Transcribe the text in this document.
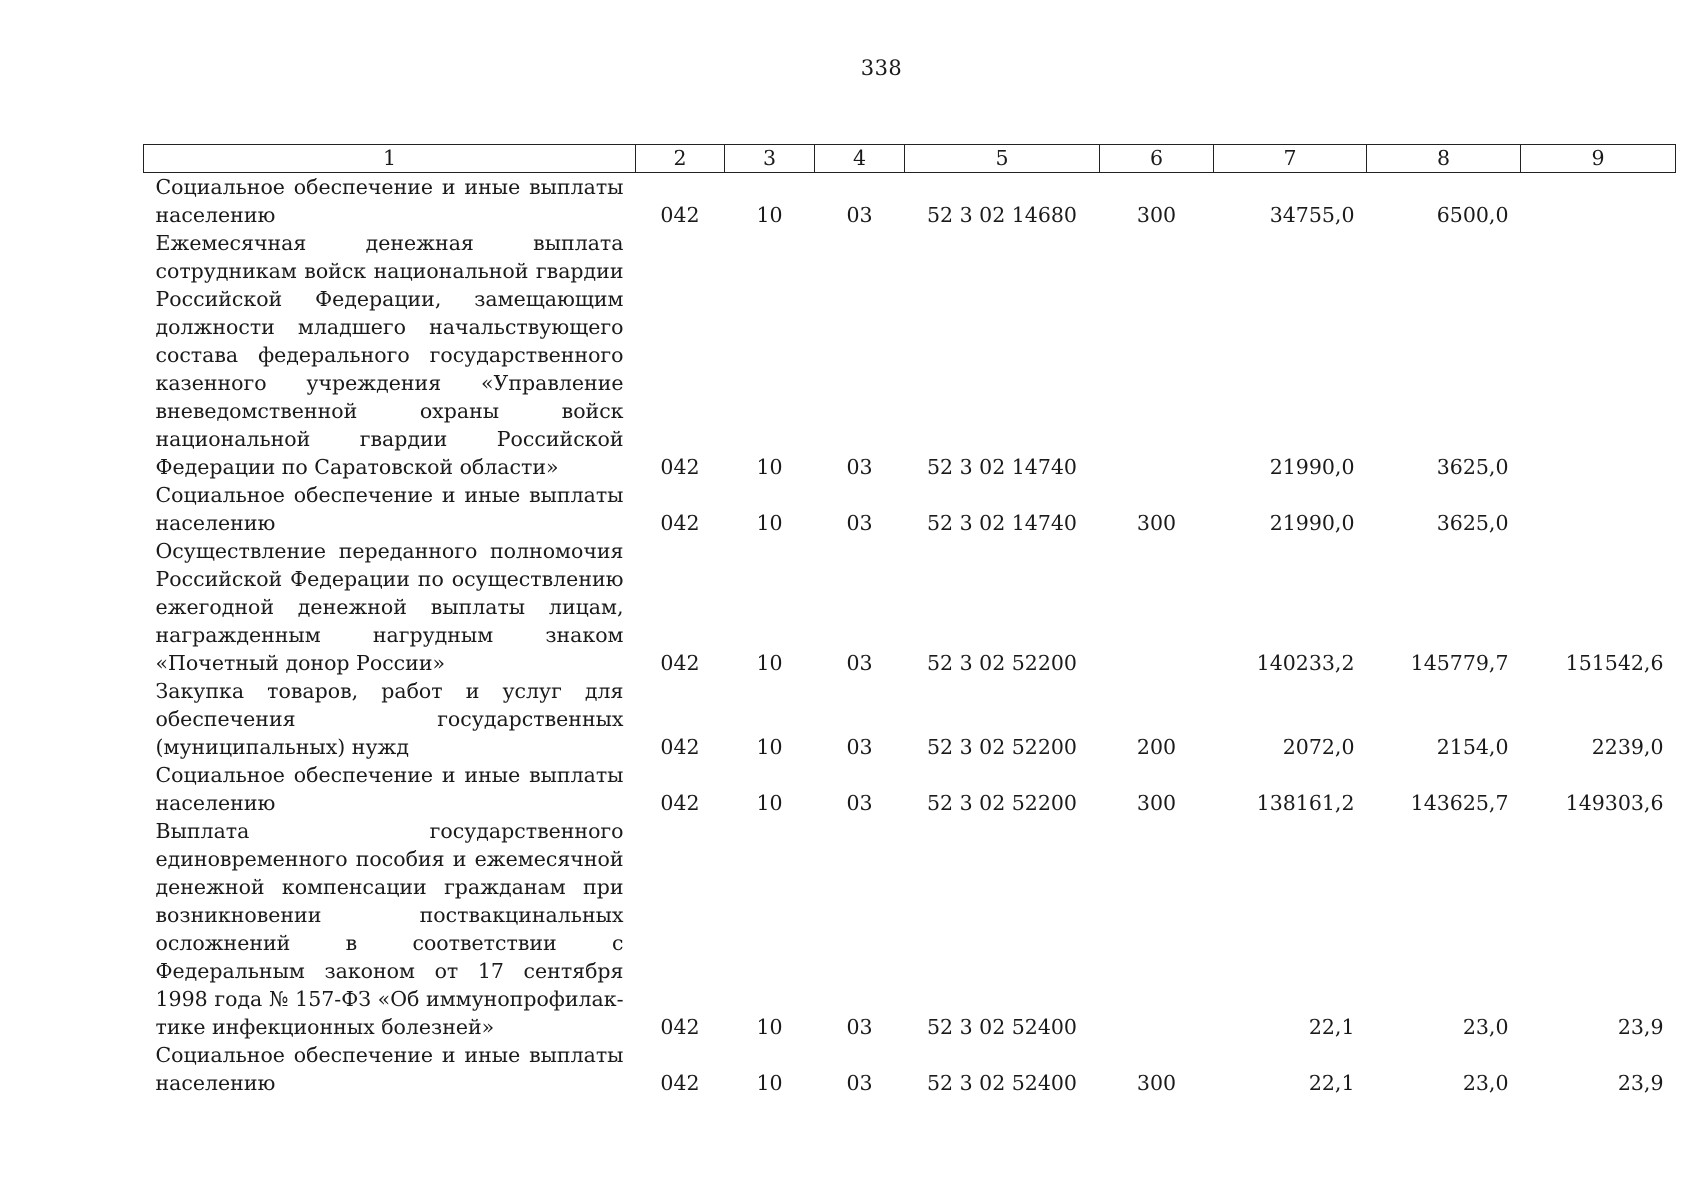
338
1	2	3	4	5	6	7	8	9
Социальное обеспечение и иные выплаты населению	042	10	03	52 3 02 14680	300	34755,0	6500,0	
Ежемесячная денежная выплата сотрудникам войск национальной гвардии Российской Федерации, замещающим должности младшего начальствующего состава федерального государственного казенного учреждения «Управление вневедомственной охраны войск национальной гвардии Российской Федерации по Саратовской области»	042	10	03	52 3 02 14740		21990,0	3625,0	
Социальное обеспечение и иные выплаты населению	042	10	03	52 3 02 14740	300	21990,0	3625,0	
Осуществление переданного полномочия Российской Федерации по осуществлению ежегодной денежной выплаты лицам, награжденным нагрудным знаком «Почетный донор России»	042	10	03	52 3 02 52200		140233,2	145779,7	151542,6
Закупка товаров, работ и услуг для обеспечения государственных (муниципальных) нужд	042	10	03	52 3 02 52200	200	2072,0	2154,0	2239,0
Социальное обеспечение и иные выплаты населению	042	10	03	52 3 02 52200	300	138161,2	143625,7	149303,6
Выплата государственного единовременного пособия и ежемесячной денежной компенсации гражданам при возникновении поствакцинальных осложнений в соответствии с Федеральным законом от 17 сентября 1998 года № 157-ФЗ «Об иммунопрофилактике инфекционных болезней»	042	10	03	52 3 02 52400		22,1	23,0	23,9
Социальное обеспечение и иные выплаты населению	042	10	03	52 3 02 52400	300	22,1	23,0	23,9
